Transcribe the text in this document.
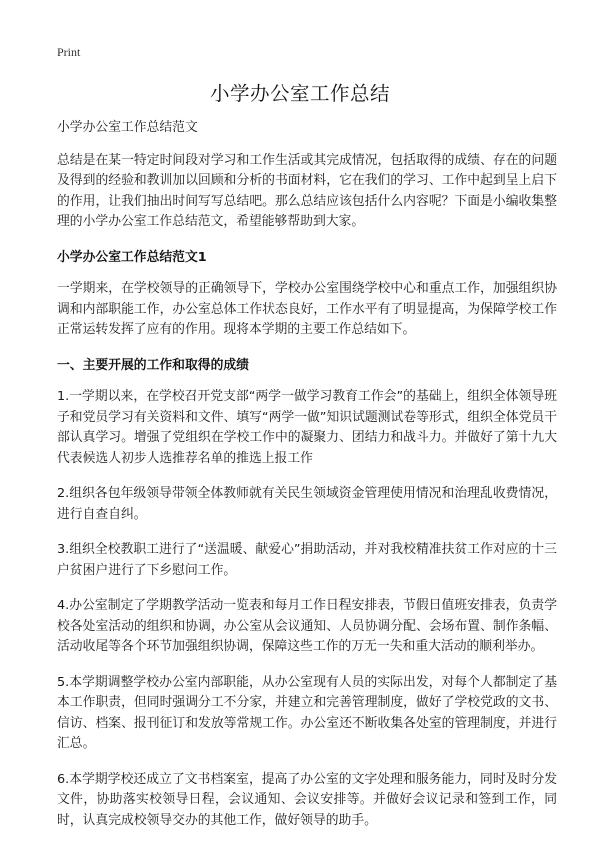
Print
小学办公室工作总结

小学办公室工作总结范文

总结是在某一特定时间段对学习和工作生活或其完成情况，包括取得的成绩、存在的问题及得到的经验和教训加以回顾和分析的书面材料，它在我们的学习、工作中起到呈上启下的作用，让我们抽出时间写写总结吧。那么总结应该包括什么内容呢？下面是小编收集整理的小学办公室工作总结范文，希望能够帮助到大家。

小学办公室工作总结范文1

一学期来，在学校领导的正确领导下，学校办公室围绕学校中心和重点工作，加强组织协调和内部职能工作，办公室总体工作状态良好，工作水平有了明显提高，为保障学校工作正常运转发挥了应有的作用。现将本学期的主要工作总结如下。

一、主要开展的工作和取得的成绩

1.一学期以来，在学校召开党支部“两学一做学习教育工作会”的基础上，组织全体领导班子和党员学习有关资料和文件、填写“两学一做”知识试题测试卷等形式，组织全体党员干部认真学习。增强了党组织在学校工作中的凝聚力、团结力和战斗力。并做好了第十九大代表候选人初步人选推荐名单的推选上报工作

2.组织各包年级领导带领全体教师就有关民生领域资金管理使用情况和治理乱收费情况，进行自查自纠。

3.组织全校教职工进行了“送温暖、献爱心”捐助活动，并对我校精准扶贫工作对应的十三户贫困户进行了下乡慰问工作。

4.办公室制定了学期教学活动一览表和每月工作日程安排表，节假日值班安排表，负责学校各处室活动的组织和协调，办公室从会议通知、人员协调分配、会场布置、制作条幅、活动收尾等各个环节加强组织协调，保障这些工作的万无一失和重大活动的顺利举办。

5.本学期调整学校办公室内部职能，从办公室现有人员的实际出发，对每个人都制定了基本工作职责，但同时强调分工不分家，并建立和完善管理制度，做好了学校党政的文书、信访、档案、报刊征订和发放等常规工作。办公室还不断收集各处室的管理制度，并进行汇总。

6.本学期学校还成立了文书档案室，提高了办公室的文字处理和服务能力，同时及时分发文件，协助落实校领导日程，会议通知、会议安排等。并做好会议记录和签到工作，同时，认真完成校领导交办的其他工作，做好领导的助手。
